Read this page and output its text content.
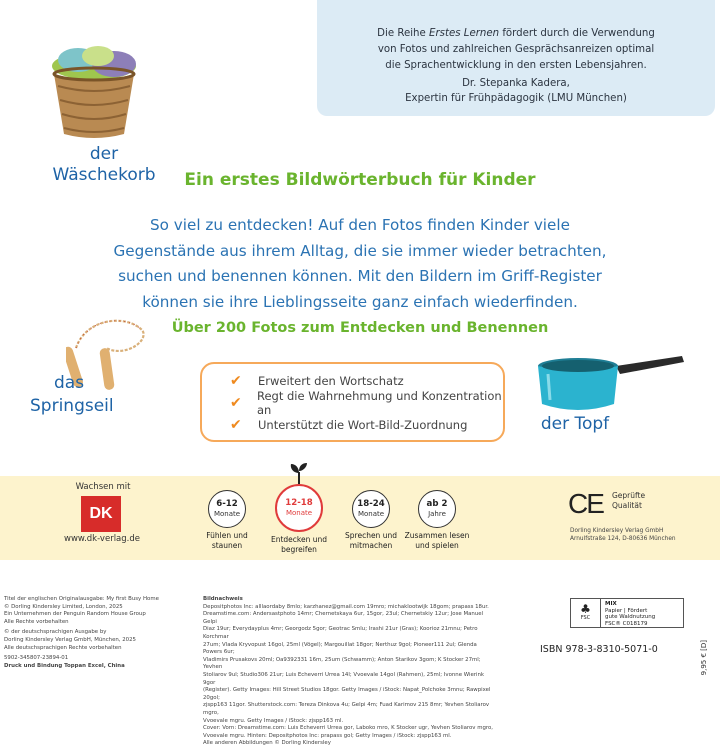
Die Reihe Erstes Lernen fördert durch die Verwendung
von Fotos und zahlreichen Gesprächsanreizen optimal
die Sprachentwicklung in den ersten Lebensjahren.
Dr. Stepanka Kadera,
Expertin für Frühpädagogik (LMU München)
der
Wäschekorb	Ein erstes Bildwörterbuch für Kinder
So viel zu entdecken! Auf den Fotos finden Kinder viele
Gegenstände aus ihrem Alltag, die sie immer wieder betrachten,
suchen und benennen können. Mit den Bildern im Griff-Register
können sie ihre Lieblingsseite ganz einfach wiederfinden.
das
Springseil
Über 200 Fotos zum Entdecken und Benennen
✔	Erweitert den Wortschatz
✔ Regt die Wahrnehmung und Konzentration an
✔	Unterstützt die Wort-Bild-Zuordnung	der Topf
Wachsen mit
DK
www.dk-verlag.de
6-12
Monate
Fühlen und
staunen
12-18
Monate
Entdecken und
begreifen
18-24
Monate
Sprechen und
mitmachen
ab 2
Jahre
Zusammen lesen
und spielen
CE Geprüfte
Qualität
Dorling Kindersley Verlag GmbH
Arnulfstraße 124, D-80636 München

Titel der englischen Originalausgabe: My first Busy Home
© Dorling Kindersley Limited, London, 2025
Ein Unternehmen der Penguin Random House Group
Alle Rechte vorbehalten

© der deutschsprachigen Ausgabe by
Dorling Kindersley Verlag GmbH, München, 2025
Alle deutschsprachigen Rechte vorbehalten

5902-345807-23894-01
Druck und Bindung Toppan Excel, China

Bildnachweis
Depositphotos Inc: alllaordaby 8mlo; karzhanez@gmail.com 19mro; michaklootwijk 18gom; prapass 18ur.
Dreamstime.com: Andersastphoto 14mr; Chernetskaya 6ur, 15gor, 23ul; Chernetskiy 12ur; Jose Manuel Gelpi
Diaz 19ur; Everydayplus 4mr; Georgodz 5gor; Geotrac Smlu; Irashi 21ur (Gras); Koorioz 21mnu; Petro Korchmar
27um; Vlada Kryvopust 16gol, 25ml (Vögel); Margouillat 18gor; Nerthuz 9gol; Pioneer111 2ul; Glenda Powers 6ur;
Vladimirs Prusakovs 20ml; Oa9392331 16m, 25um (Schwamm); Anton Starikov 3gom; K Stocker 27ml; Yevhen
Stoliarov 9ul; Studio306 21ur; Luis Echeverri Urrea 14l; Vvoevale 14gol (Rahmen), 25ml; Ivonne Wierink 9gor
(Register). Getty Images: Hill Street Studios 18gor. Getty Images / iStock: Napat_Polchoke 3mnu; Rawpixel 20gol;
zjspp163 11gor. Shutterstock.com: Tereza Dinkova 4u; Gelpi 4m; Fuad Karimov 215 8mr; Yevhen Stoliarov mgro,
Vvoevale mgru. Getty Images / iStock: zjspp163 ml.
Cover: Vorn: Dreamstime.com: Luis Echeverri Urrea gor, Laboko mro, K Stocker ugr, Yevhen Stoliarov mgro,
Vvoevale mgru. Hinten: Depositphotos Inc: prapass gol; Getty Images / iStock: zjspp163 ml.
Alle anderen Abbildungen © Dorling Kindersley
♣
FSC
MIX
Papier | Fördert
gute Waldnutzung
FSC® C018179
ISBN 978-3-8310-5071-0	9,95 € [D]
